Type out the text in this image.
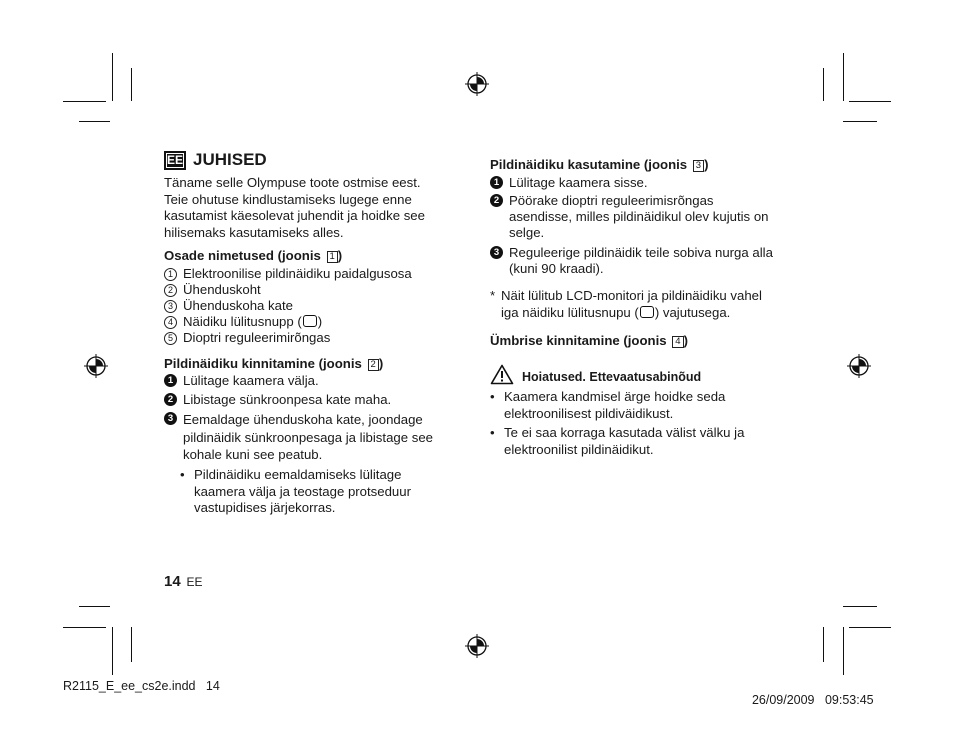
EE JUHISED
Täname selle Olympuse toote ostmise eest.
Teie ohutuse kindlustamiseks lugege enne
kasutamist käesolevat juhendit ja hoidke see
hilisemaks kasutamiseks alles.
Osade nimetused (joonis 1 )
1 Elektroonilise pildinäidiku paidalgusosa
2 Ühenduskoht
3 Ühenduskoha kate
4 Näidiku lülitusnupp ( )
5 Dioptri reguleerimirõngas
Pildinäidiku kinnitamine (joonis 2 )
1 Lülitage kaamera välja.
2 Libistage sünkroonpesa kate maha.
3 Eemaldage ühenduskoha kate, joondage
pildinäidik sünkroonpesaga ja libistage see
kohale kuni see peatub.
• Pildinäidiku eemaldamiseks lülitage
kaamera välja ja teostage protseduur
vastupidises järjekorras.
14 EE
Pildinäidiku kasutamine (joonis 3 )
1 Lülitage kaamera sisse.
2 Pöörake dioptri reguleerimisrõngas
asendisse, milles pildinäidikul olev kujutis on
selge.
3 Reguleerige pildinäidik teile sobiva nurga alla
(kuni 90 kraadi).
* Näit lülitub LCD-monitori ja pildinäidiku vahel
iga näidiku lülitusnupu ( ) vajutusega.
Ümbrise kinnitamine (joonis 4 )
Hoiatused. Ettevaatusabinõud
• Kaamera kandmisel ärge hoidke seda
elektroonilisest pildiväidikust.
• Te ei saa korraga kasutada välist välku ja
elektroonilist pildinäidikut.
R2115_E_ee_cs2e.indd   14

26/09/2009 09:53:45
